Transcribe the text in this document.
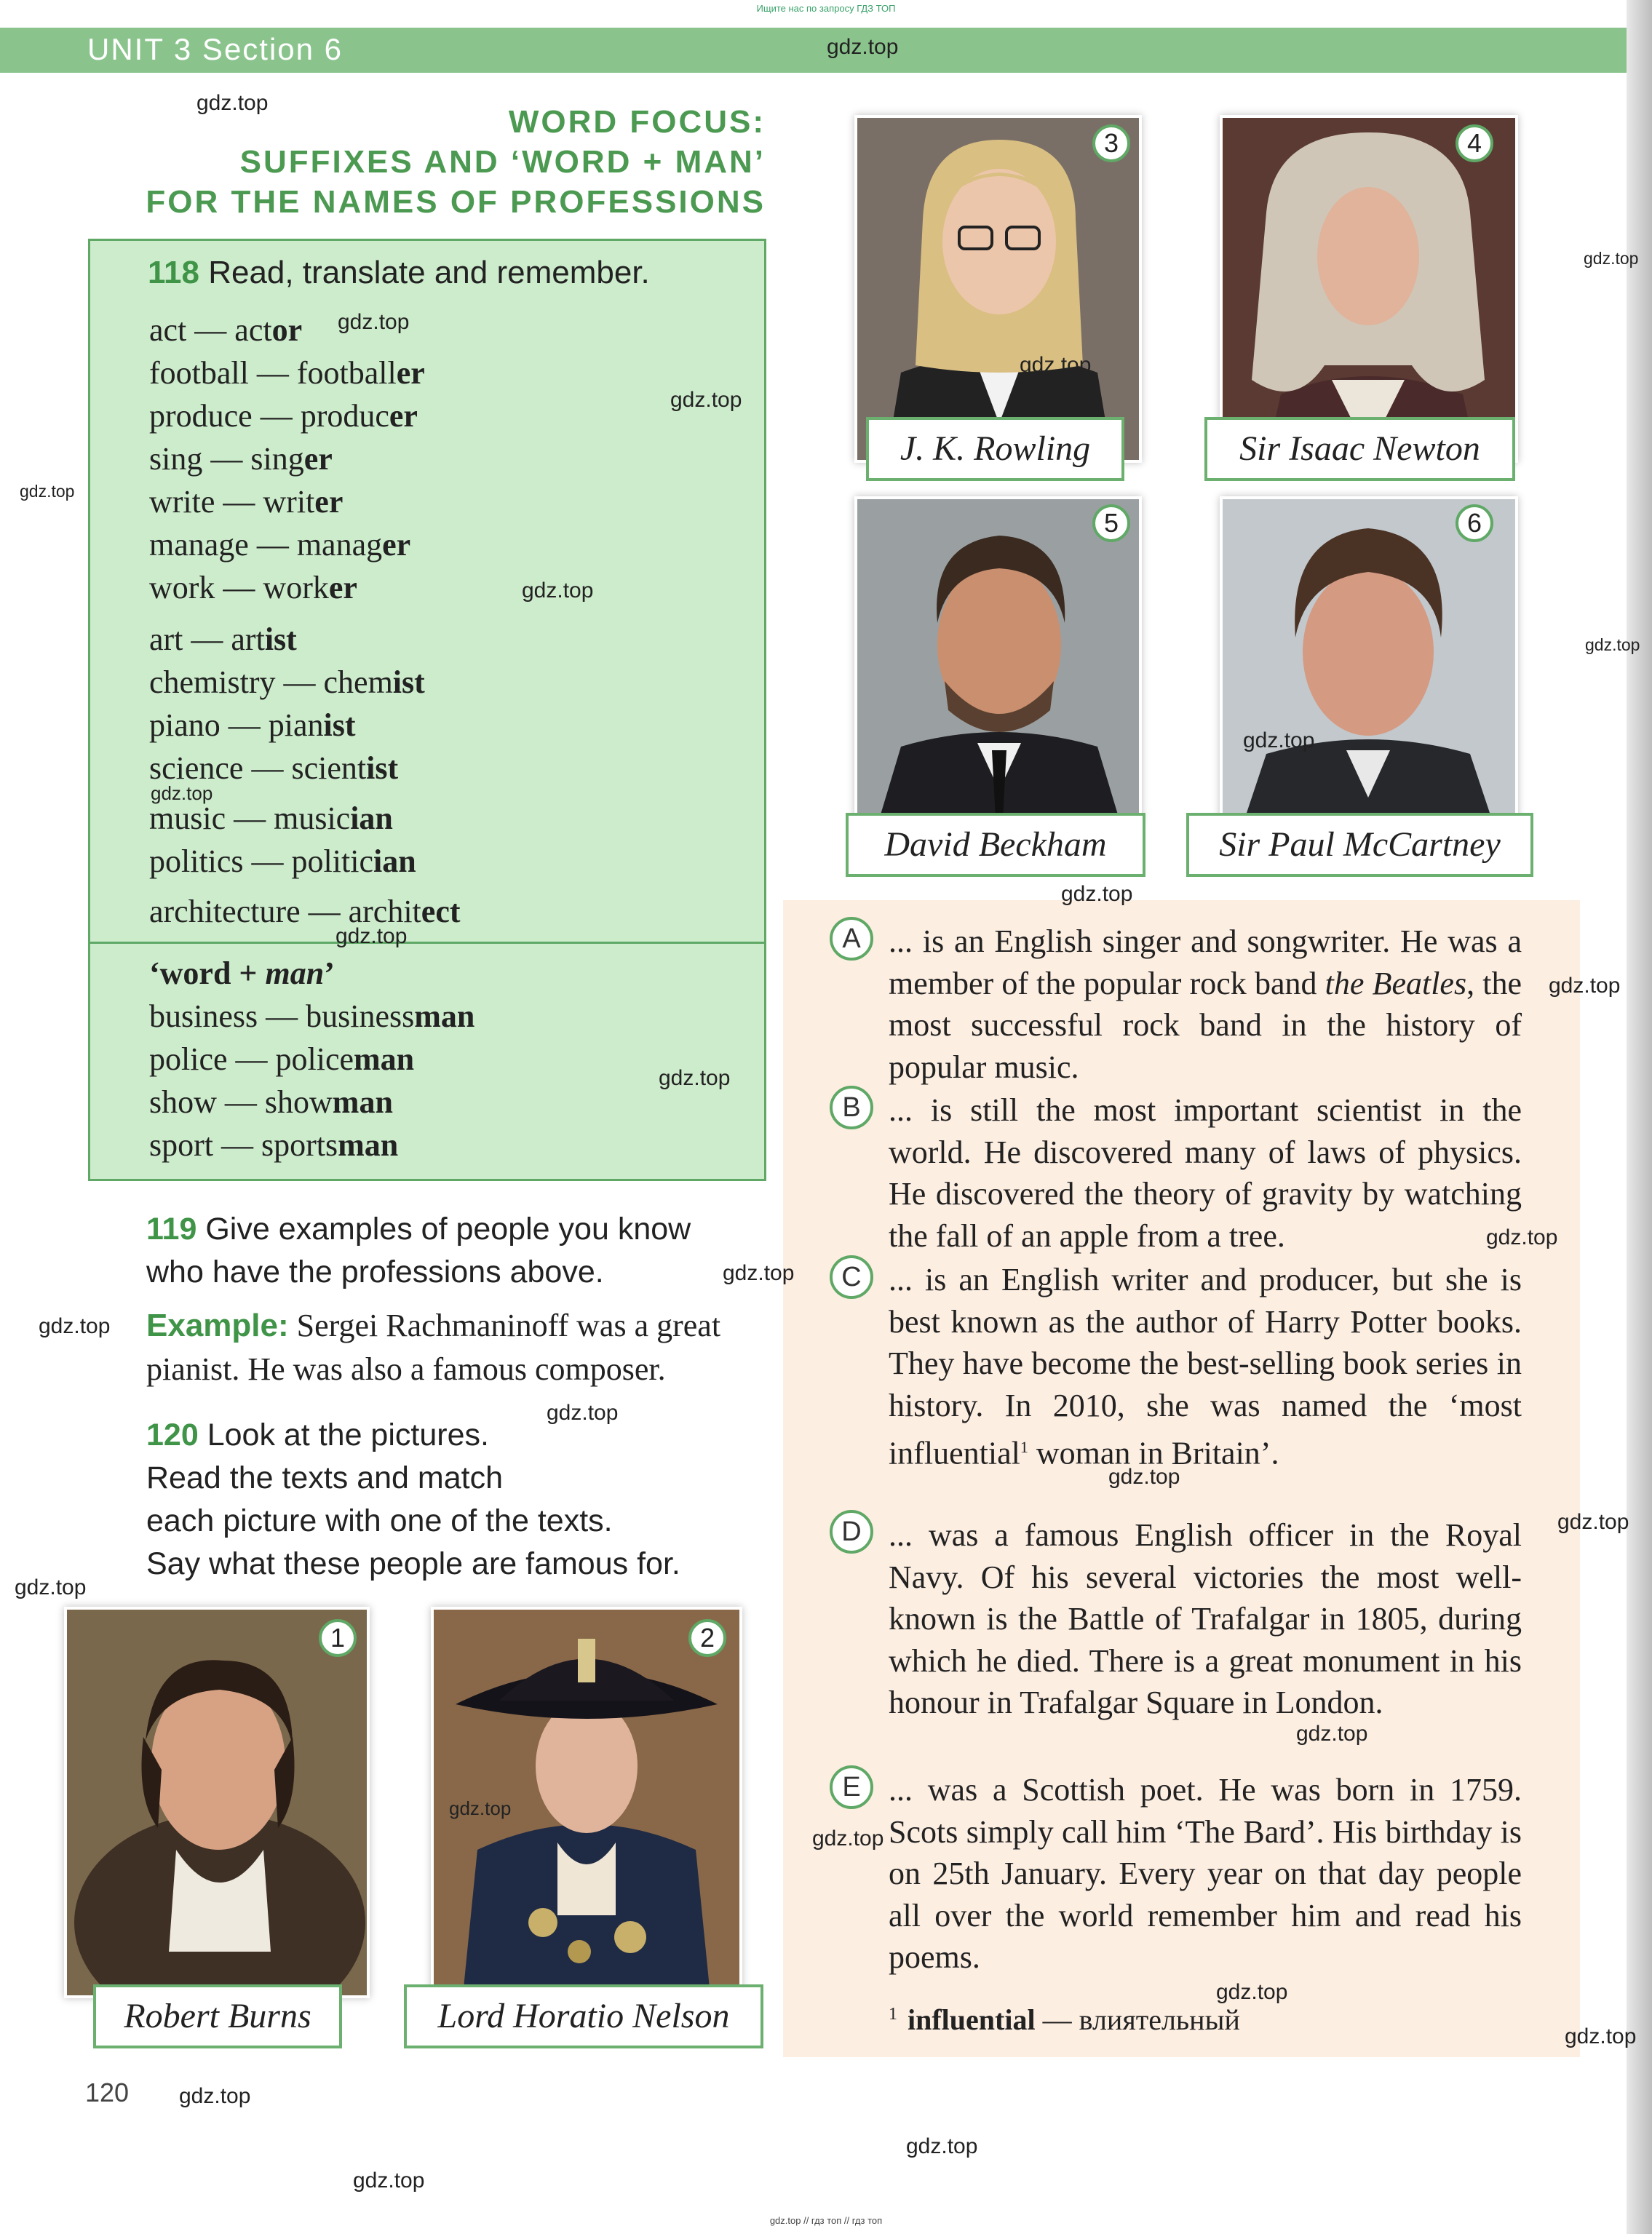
Ищите нас по запросу ГДЗ ТОП
UNIT 3 Section 6
WORD FOCUS:
SUFFIXES AND ‘WORD + MAN’
FOR THE NAMES OF PROFESSIONS
118 Read, translate and remember.
act — actor
football — footballer
produce — producer
sing — singer
write — writer
manage — manager
work — worker
art — artist
chemistry — chemist
piano — pianist
science — scientist
music — musician
politics — politician
architecture — architect
‘word + man’
business — businessman
police — policeman
show — showman
sport — sportsman
119 Give examples of people you know
who have the professions above.
Example: Sergei Rachmaninoff was a great
pianist. He was also a famous composer.
120 Look at the pictures.
Read the texts and match
each picture with one of the texts.
Say what these people are famous for.
1
Robert Burns
2
Lord Horatio Nelson
3
J. K. Rowling
4
Sir Isaac Newton
5
David Beckham
6
Sir Paul McCartney
A ... is an English singer and songwriter. He was a member of the popular rock band the Beatles, the most successful rock band in the history of popular music.
B ... is still the most important scientist in the world. He discovered many of laws of physics. He discovered the theory of gravity by watching the fall of an apple from a tree.
C ... is an English writer and producer, but she is best known as the author of Harry Potter books. They have become the best-selling book series in history. In 2010, she was named the ‘most influential$^1$ woman in Britain’.
D ... was a famous English officer in the Royal Navy. Of his several victories the most well-known is the Battle of Trafalgar in 1805, during which he died. There is a great monument in his honour in Trafalgar Square in London.
E ... was a Scottish poet. He was born in 1759. Scots simply call him ‘The Bard’. His birthday is on 25th January. Every year on that day people all over the world remember him and read his poems.
$^1$ influential — влиятельный
120
gdz.top
gdz.top
gdz.top
gdz.top
gdz.top
gdz.top
gdz.top
gdz.top
gdz.top
gdz.top
gdz.top
gdz.top
gdz.top
gdz.top
gdz.top
gdz.top
gdz.top
gdz.top
gdz.top
gdz.top
gdz.top
gdz.top
gdz.top
gdz.top
gdz.top
gdz.top
gdz.top
gdz.top
gdz.top
gdz.top
gdz.top // гдз топ // гдз топ
